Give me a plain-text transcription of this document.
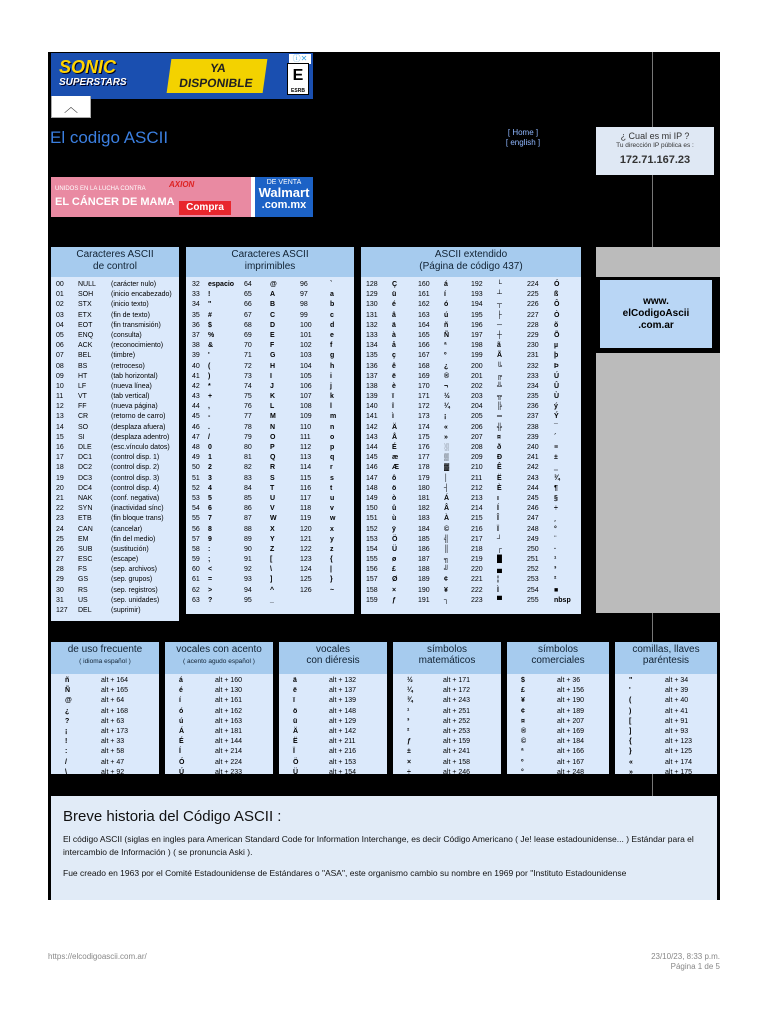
SONIC
SUPERSTARS
YA
DISPONIBLE
ⓘ✕
E
ESRB
︿
El codigo ASCII	[ Home ]
[ english ]
¿ Cual es mi IP ?
Tu dirección IP pública es :
172.71.167.23
UNIDOS EN LA LUCHA CONTRA
EL CÁNCER DE MAMA
AXION
Compra
DE VENTA
Walmart
.com.mx
Caracteres ASCII
de control
00 NULL (carácter nulo)
01 SOH	(inicio encabezado)
02 STX	(inicio texto)
03 ETX	(fin de texto)
04 EOT	(fin transmisión)
05 ENQ	(consulta)
06 ACK	(reconocimiento)
07 BEL	(timbre)
08 BS	(retroceso)
09 HT	(tab horizontal)
10 LF	(nueva línea)
11 VT	(tab vertical)
12 FF	(nueva página)
13 CR	(retorno de carro)
14 SO	(desplaza afuera)
15 SI	(desplaza adentro)
16 DLE	(esc.vínculo datos)
17 DC1	(control disp. 1)
18 DC2	(control disp. 2)
19 DC3	(control disp. 3)
20 DC4	(control disp. 4)
21 NAK	(conf. negativa)
22 SYN	(inactividad sínc)
23 ETB	(fin bloque trans)
24 CAN	(cancelar)
25 EM	(fin del medio)
26 SUB	(sustitución)
27 ESC	(escape)
28 FS	(sep. archivos)
29 GS	(sep. grupos)
30 RS	(sep. registros)
31 US	(sep. unidades)
127 DEL	(suprimir)
Caracteres ASCII
imprimibles
32 espacio 64	@	96	`
33 !	65	A	97	a
34 "	66	B	98	b
35 #	67	C	99	c
36 $	68	D	100	d
37 %	69	E	101	e
38 &	70	F	102	f
39 '	71	G	103	g
40 (	72	H	104	h
41 )	73	I	105	i
42 *	74	J	106	j
43 +	75	K	107	k
44 ,	76	L	108	l
45 -	77	M	109	m
46 .	78	N	110	n
47 /	79	O	111	o
48 0	80	P	112	p
49 1	81	Q	113	q
50 2	82	R	114	r
51 3	83	S	115	s
52 4	84	T	116	t
53 5	85	U	117	u
54 6	86	V	118	v
55 7	87	W	119	w
56 8	88	X	120	x
57 9	89	Y	121	y
58 :	90	Z	122	z
59 ;	91	[	123	{
60 <	92	\	124	|
61 =	93	]	125	}
62 >	94	^	126	~
63 ?	95	_
ASCII extendido
(Página de código 437)
128 Ç	160 á	192 └	224 Ó
129 ü	161 í	193 ┴	225 ß
130 é	162 ó	194 ┬	226 Ô
131 â	163 ú	195 ├	227 Ò
132 ä	164 ñ	196 ─	228 õ
133 à	165 Ñ	197 ┼	229 Õ
134 å	166 ª	198 ã	230 µ
135 ç	167 º	199 Ã	231 þ
136 ê	168 ¿	200 ╚	232 Þ
137 ë	169 ®	201 ╔	233 Ú
138 è	170 ¬	202 ╩	234 Û
139 ï	171 ½	203 ╦	235 Ù
140 î	172 ¼	204 ╠	236 ý
141 ì	173 ¡	205 ═	237 Ý
142 Ä	174 «	206 ╬	238 ¯
143 Å	175 »	207 ¤	239 ´
144 É	176 ░	208 ð	240 ≡
145 æ	177 ▒	209 Ð	241 ±
146 Æ	178 ▓	210 Ê	242 ‗
147 ô	179 │	211 Ë	243 ¾
148 ö	180 ┤	212 È	244 ¶
149 ò	181 Á	213 ı	245 §
150 û	182 Â	214 Í	246 ÷
151 ù	183 À	215 Î	247 ¸
152 ÿ	184 ©	216 Ï	248 °
153 Ö	185 ╣	217 ┘	249 ¨
154 Ü	186 ║	218 ┌	250 ·
155 ø	187 ╗	219 █	251 ¹
156 £	188 ╝	220 ▄	252 ³
157 Ø	189 ¢	221 ¦	253 ²
158 ×	190 ¥	222 Ì	254 ■
159 ƒ	191 ┐	223 ▀	255 nbsp
www.
elCodigoAscii
.com.ar
de uso frecuente
( idioma español )
ñ	alt + 164
Ñ	alt + 165
@	alt + 64
¿	alt + 168
?	alt + 63
¡	alt + 173
!	alt + 33
:	alt + 58
/	alt + 47
\	alt + 92
vocales con acento
( acento agudo español )
á	alt + 160
é	alt + 130
í	alt + 161
ó	alt + 162
ú	alt + 163
Á	alt + 181
É	alt + 144
Í	alt + 214
Ó	alt + 224
Ú	alt + 233
vocales
con diéresis
ä	alt + 132
ë	alt + 137
ï	alt + 139
ö	alt + 148
ü	alt + 129
Ä	alt + 142
Ë	alt + 211
Ï	alt + 216
Ö	alt + 153
Ü	alt + 154
símbolos
matemáticos
½	alt + 171
¼	alt + 172
¾	alt + 243
¹	alt + 251
³	alt + 252
²	alt + 253
ƒ	alt + 159
±	alt + 241
×	alt + 158
÷	alt + 246
símbolos
comerciales
$	alt + 36
£	alt + 156
¥	alt + 190
¢	alt + 189
¤	alt + 207
®	alt + 169
©	alt + 184
ª	alt + 166
º	alt + 167
°	alt + 248
comillas, llaves
paréntesis
"	alt + 34
'	alt + 39
(	alt + 40
)	alt + 41
[	alt + 91
]	alt + 93
{	alt + 123
}	alt + 125
«	alt + 174
»	alt + 175
Breve historia del Código ASCII :

El código ASCII (siglas en ingles para American Standard Code for Information Interchange, es decir Código Americano ( Je! lease estadounidense... ) Estándar para el intercambio de Información ) ( se pronuncia Aski ).

Fue creado en 1963 por el Comité Estadounidense de Estándares o "ASA", este organismo cambio su nombre en 1969 por "Instituto Estadounidense

https://elcodigoascii.com.ar/	23/10/23, 8:33 p.m.
Página 1 de 5
